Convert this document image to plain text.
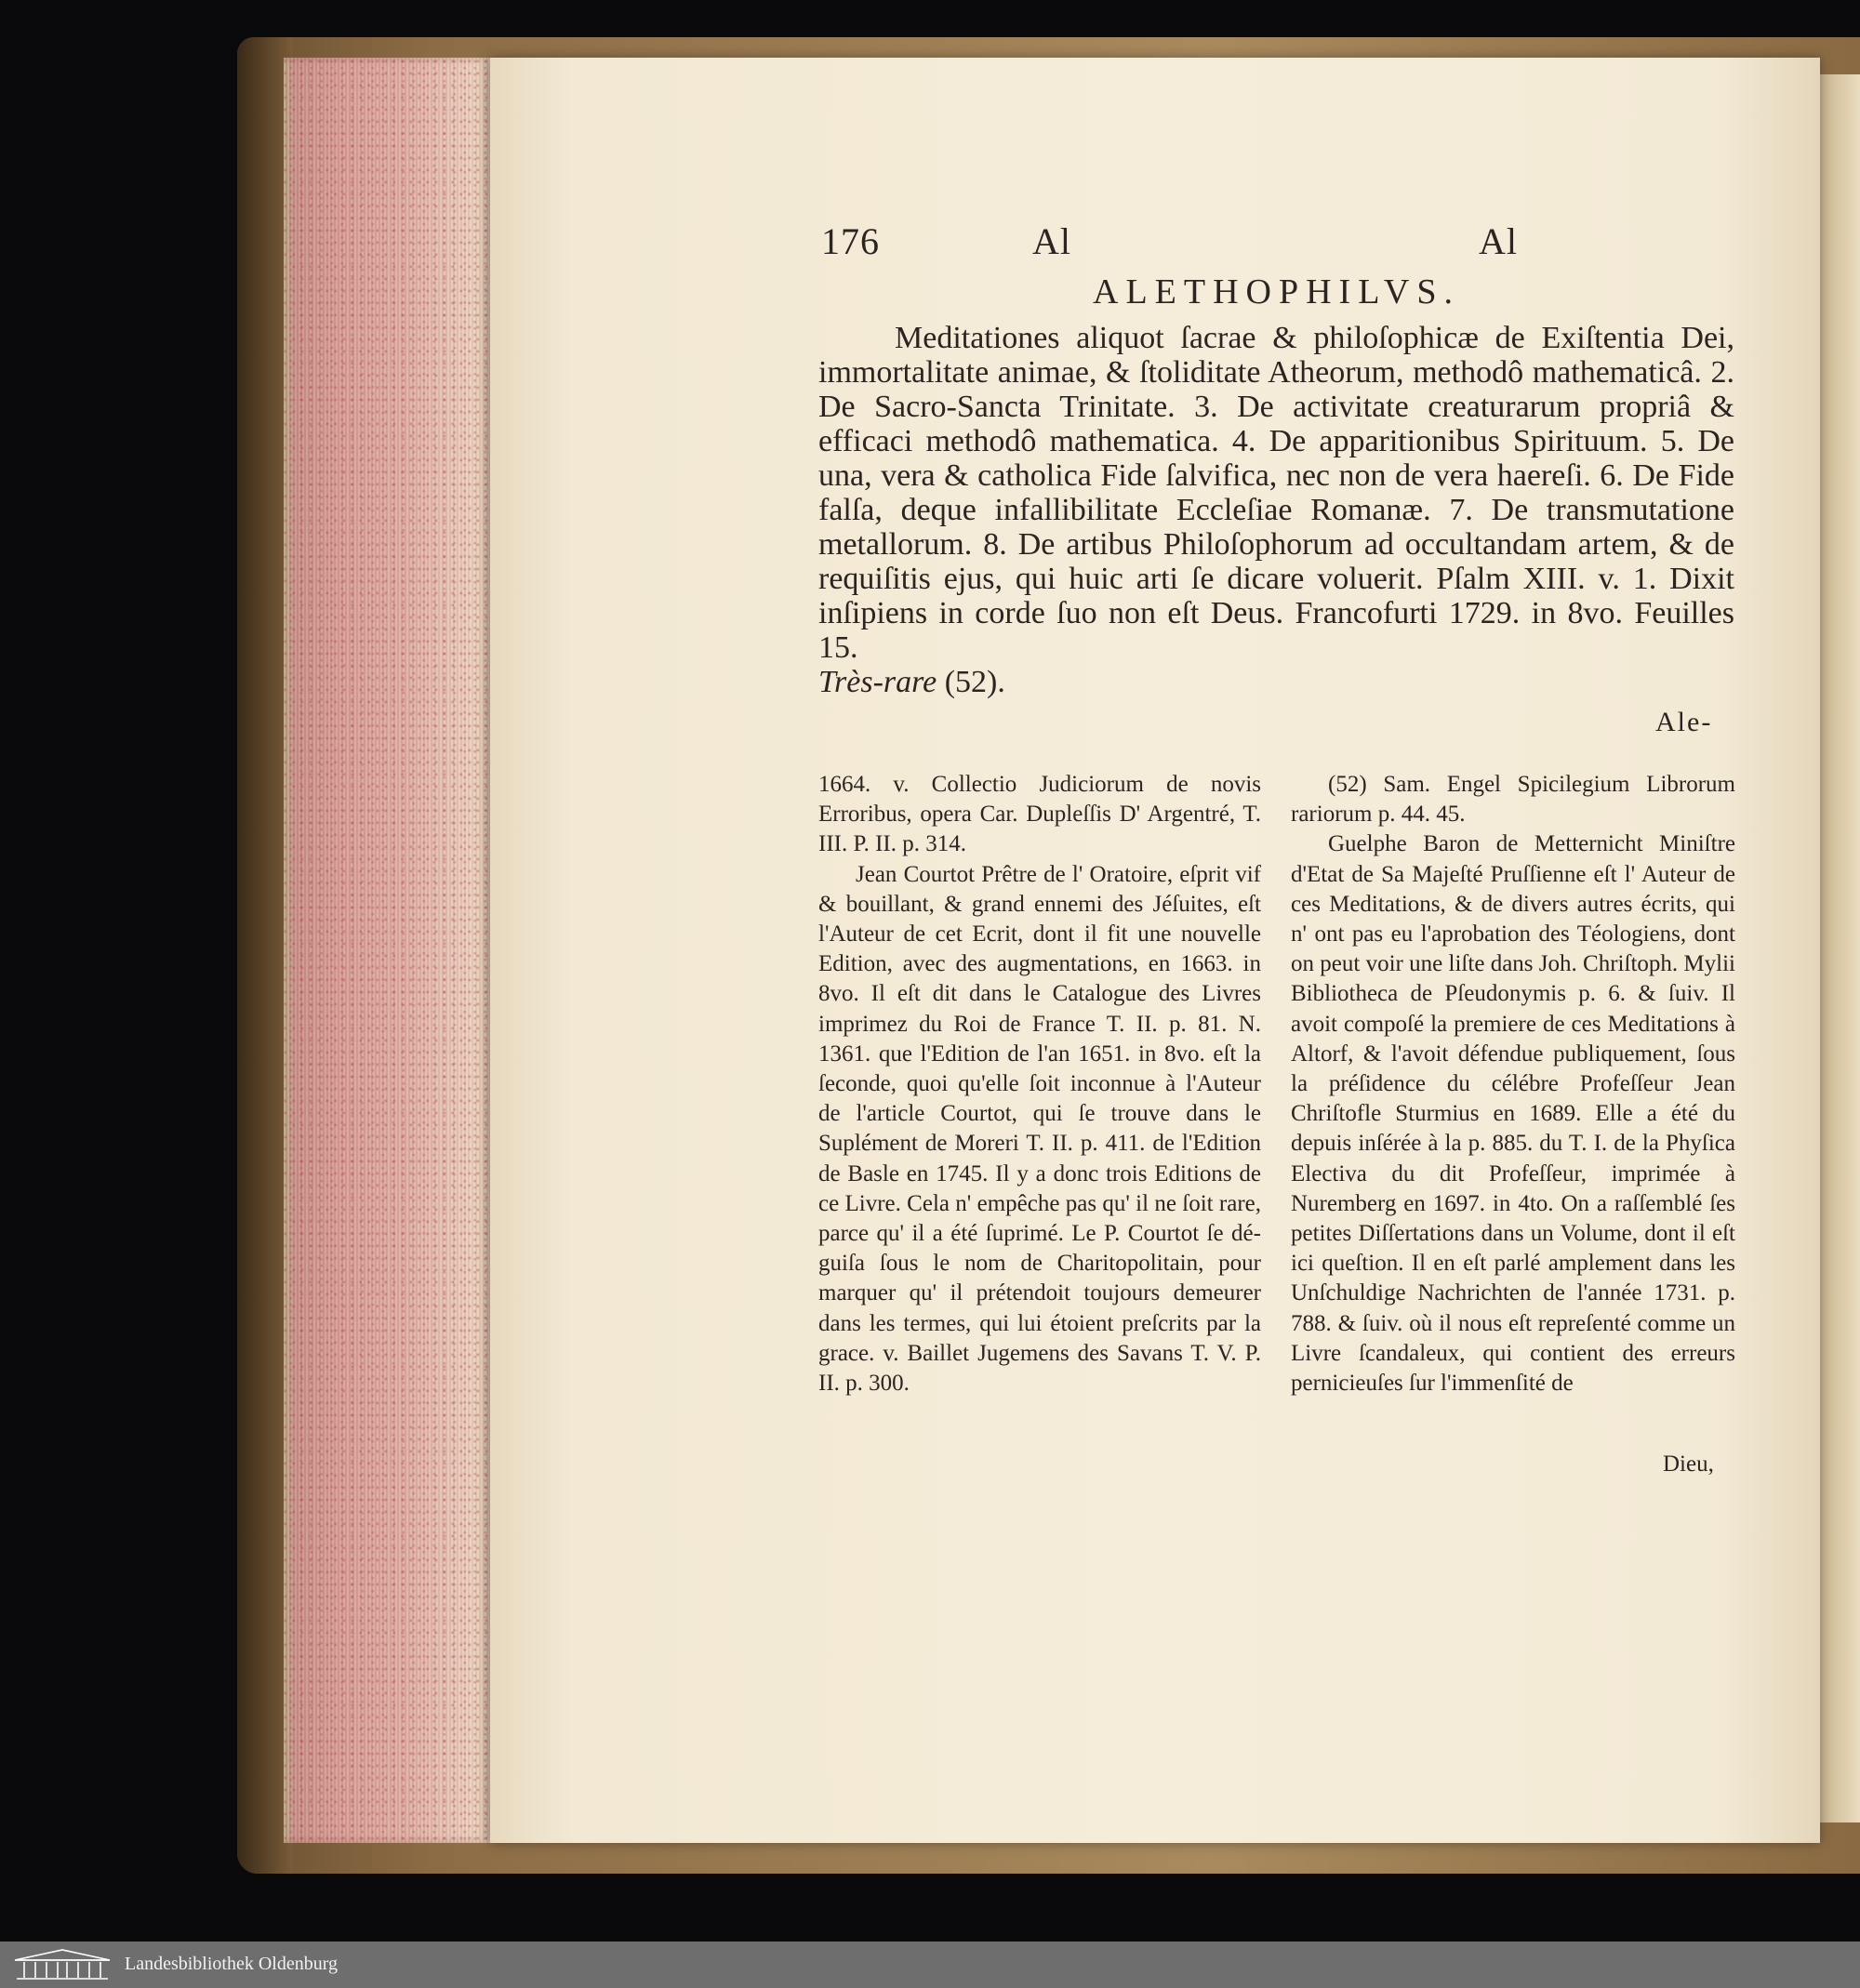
176	Al	Al
ALETHOPHILVS.
Meditationes aliquot ſacrae & philoſophicæ de Exiſtentia Dei, immortalitate animae, & ſtoliditate Atheorum, methodô mathematicâ. 2. De Sacro-Sancta Trinitate. 3. De activitate creaturarum propriâ & efficaci methodô mathematica. 4. De apparitionibus Spirituum. 5. De una, vera & catholica Fide ſalvifica, nec non de vera haereſi. 6. De Fide falſa, deque infallibilitate Eccleſiae Romanæ. 7. De transmutatione metallorum. 8. De artibus Philoſophorum ad occultandam artem, & de requiſitis ejus, qui huic arti ſe dicare voluerit. Pſalm XIII. v. 1. Dixit inſipiens in corde ſuo non eſt Deus. Francofurti 1729. in 8vo. Feuilles 15.
Très-rare (52).
Ale-

1664. v. Collectio Judiciorum de novis Erroribus, opera Car. Dupleſſis D' Argentré, T. III. P. II. p. 314.

Jean Courtot Prêtre de l' Oratoire, eſprit vif & bouillant, & grand ennemi des Jéſuites, eſt l'Auteur de cet Ecrit, dont il fit une nouvelle Edition, avec des augmentations, en 1663. in 8vo. Il eſt dit dans le Catalogue des Livres imprimez du Roi de France T. II. p. 81. N. 1361. que l'Edition de l'an 1651. in 8vo. eſt la ſeconde, quoi qu'elle ſoit inconnue à l'Auteur de l'article Courtot, qui ſe trouve dans le Suplément de Moreri T. II. p. 411. de l'Edition de Basle en 1745. Il y a donc trois Editions de ce Livre. Cela n' empêche pas qu' il ne ſoit rare, parce qu' il a été ſuprimé. Le P. Courtot ſe déguiſa ſous le nom de Charitopolitain, pour marquer qu' il prétendoit toujours demeurer dans les termes, qui lui étoient preſcrits par la grace. v. Baillet Jugemens des Savans T. V. P. II. p. 300.

(52) Sam. Engel Spicilegium Librorum rariorum p. 44. 45.

Guelphe Baron de Metternicht Miniſtre d'Etat de Sa Majeſté Pruſſienne eſt l' Auteur de ces Meditations, & de divers autres écrits, qui n' ont pas eu l'aprobation des Téologiens, dont on peut voir une liſte dans Joh. Chriſtoph. Mylii Bibliotheca de Pſeudonymis p. 6. & ſuiv. Il avoit compoſé la premiere de ces Meditations à Altorf, & l'avoit défendue publiquement, ſous la préſidence du célébre Profeſſeur Jean Chriſtofle Sturmius en 1689. Elle a été du depuis inſérée à la p. 885. du T. I. de la Phyſica Electiva du dit Profeſſeur, imprimée à Nuremberg en 1697. in 4to. On a raſſemblé ſes petites Diſſertations dans un Volume, dont il eſt ici queſtion. Il en eſt parlé amplement dans les Unſchuldige Nachrichten de l'année 1731. p. 788. & ſuiv. où il nous eſt repreſenté comme un Livre ſcandaleux, qui contient des erreurs pernicieuſes ſur l'immenſité de

Dieu,
Landesbibliothek Oldenburg
